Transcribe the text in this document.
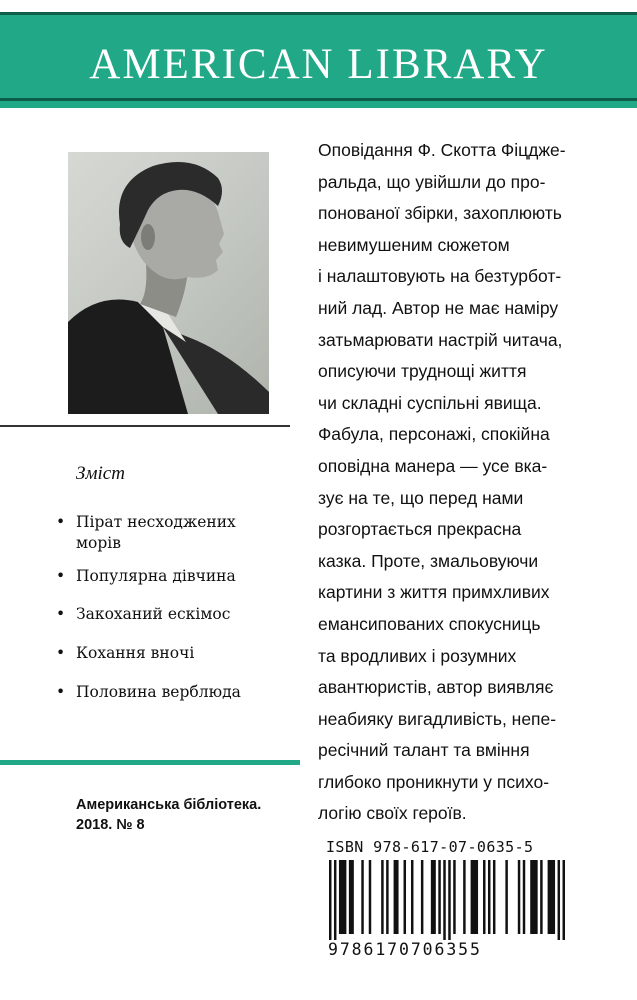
AMERICAN LIBRARY
Зміст
• Пірат несходжених
морів
• Популярна дівчина
• Закоханий ескімос
• Кохання вночі
• Половина верблюда
Американська бібліотека.
2018. № 8
Оповідання Ф. Скотта Фіцдже-
ральда, що увійшли до про-
понованої збірки, захоплюють
невимушеним сюжетом
і налаштовують на безтурбот-
ний лад. Автор не має наміру
затьмарювати настрій читача,
описуючи труднощі життя
чи складні суспільні явища.
Фабула, персонажі, спокійна
оповідна манера — усе вка-
зує на те, що перед нами
розгортається прекрасна
казка. Проте, змальовуючи
картини з життя примхливих
емансипованих спокусниць
та вродливих і розумних
авантюристів, автор виявляє
неабияку вигадливість, непе-
ресічний талант та вміння
глибоко проникнути у психо-
логію своїх героїв.
ISBN 978-617-07-0635-5
9786170706355
